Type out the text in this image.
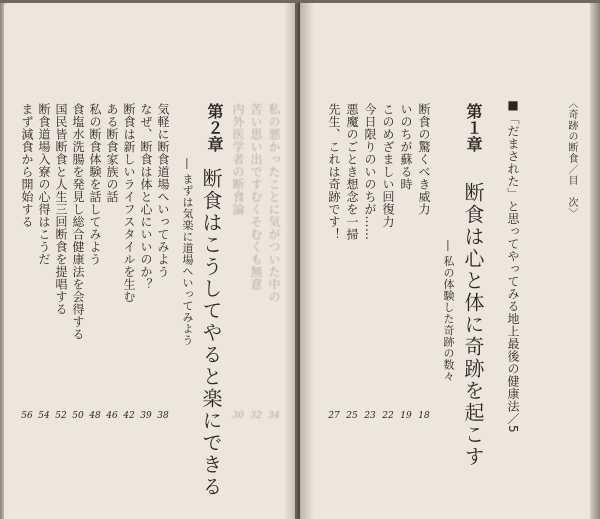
〈奇跡の断食／目　次〉
■「だまされた」と思ってやってみる地上最後の健康法／5
第１章
断食は心と体に奇跡を起こす
― 私の体験した奇跡の数々
断食の驚くべき威力
いのちが蘇る時
このめざましい回復力
今日限りのいのちが……
悪魔のごとき想念を一掃
先生、これは奇跡です！
18
19
22
23
25
27
私の悪かったことに気がついた中の
苦い思い出ですむくそむくも無意
内外医学者の断食論
34
32
30
第２章
断食はこうしてやると楽にできる
― まずは気楽に道場へいってみよう
気軽に断食道場へいってみよう
なぜ、断食は体と心にいいのか？
断食は新しいライフスタイルを生む
ある断食家族の話
私の断食体験を話してみよう
食塩水洗腸を発見し総合健康法を会得する
国民皆断食と人生三回断食を提唱する
断食道場入寮の心得はこうだ
まず減食から開始する
38
39
42
46
48
50
52
54
56
